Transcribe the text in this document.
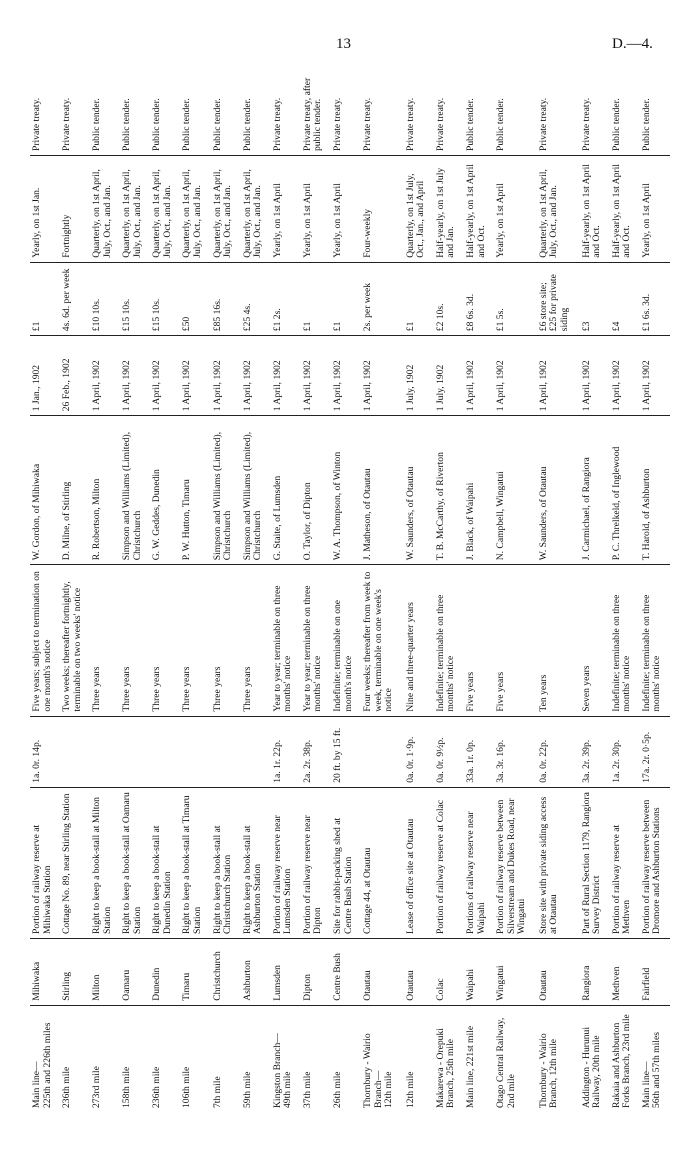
13	D.—4.
Main line—
225th and 226th miles	Mihiwaka	Portion of railway reserve at Mihiwaka Station	1a. 0r. 14p.	Five years; subject to termination on one month's notice	W. Gordon, of Mihiwaka	1 Jan., 1902	£1	Yearly, on 1st Jan.	Private treaty.
236th mile	Stirling	Cottage No. 89, near Stirling Station		Two weeks; thereafter fortnightly, terminable on two weeks' notice	D. Milne, of Stirling	26 Feb., 1902	4s. 6d. per week	Fortnightly	Private treaty.
273rd mile	Milton	Right to keep a book-stall at Milton Station		Three years	R. Robertson, Milton	1 April, 1902	£10 10s.	Quarterly, on 1st April, July, Oct., and Jan.	Public tender.
158th mile	Oamaru	Right to keep a book-stall at Oamaru Station		Three years	Simpson and Williams (Limited), Christchurch	1 April, 1902	£15 10s.	Quarterly, on 1st April, July, Oct., and Jan.	Public tender.
236th mile	Dunedin	Right to keep a book-stall at Dunedin Station		Three years	G. W. Geddes, Dunedin	1 April, 1902	£15 10s.	Quarterly, on 1st April, July, Oct., and Jan.	Public tender.
106th mile	Timaru	Right to keep a book-stall at Timaru Station		Three years	P. W. Hutton, Timaru	1 April, 1902	£50	Quarterly, on 1st April, July, Oct., and Jan.	Public tender.
7th mile	Christchurch	Right to keep a book-stall at Christchurch Station		Three years	Simpson and Williams (Limited), Christchurch	1 April, 1902	£85 16s.	Quarterly, on 1st April, July, Oct., and Jan.	Public tender.
59th mile	Ashburton	Right to keep a book-stall at Ashburton Station		Three years	Simpson and Williams (Limited), Christchurch	1 April, 1902	£25 4s.	Quarterly, on 1st April, July, Oct., and Jan.	Public tender.
Kingston Branch—
49th mile	Lumsden	Portion of railway reserve near Lumsden Station	1a. 1r. 22p.	Year to year; terminable on three months' notice	G. Staite, of Lumsden	1 April, 1902	£1 2s.	Yearly, on 1st April	Private treaty.
37th mile	Dipton	Portion of railway reserve near Dipton	2a. 2r. 38p.	Year to year; terminable on three months' notice	O. Taylor, of Dipton	1 April, 1902	£1	Yearly, on 1st April	Private treaty, after public tender.
26th mile	Centre Bush	Site for rabbit-packing shed at Centre Bush Station	20 ft. by 15 ft.	Indefinite; terminable on one month's notice	W. A. Thompson, of Winton	1 April, 1902	£1	Yearly, on 1st April	Private treaty.
Thornbury - Wairio Branch—
12th mile	Otautau	Cottage 44, at Otautau		Four weeks; thereafter from week to week, terminable on one week's notice	J. Matheson, of Otautau	1 April, 1902	2s. per week	Four-weekly	Private treaty.
12th mile	Otautau	Lease of office site at Otautau	0a. 0r. 1·9p.	Nine and three-quarter years	W. Saunders, of Otautau	1 July, 1902	£1	Quarterly, on 1st July, Oct., Jan., and April	Private treaty.
Makarewa - Orepuki Branch, 25th mile	Colac	Portion of railway reserve at Colac	0a. 0r. 9½p.	Indefinite; terminable on three months' notice	T. B. McCarthy, of Riverton	1 July, 1902	£2 10s.	Half-yearly, on 1st July and Jan.	Private treaty.
Main line, 221st mile	Waipahi	Portions of railway reserve near Waipahi	33a. 1r. 0p.	Five years	J. Black, of Waipahi	1 April, 1902	£8 6s. 3d.	Half-yearly, on 1st April and Oct.	Public tender.
Otago Central Railway, 2nd mile	Wingatui	Portion of railway reserve between Silverstream and Dukes Road, near Wingatui	3a. 3r. 16p.	Five years	N. Campbell, Wingatui	1 April, 1902	£1 5s.	Yearly, on 1st April	Public tender.
Thornbury - Wairio Branch, 12th mile	Otautau	Store site with private siding access at Otautau	0a. 0r. 22p.	Ten years	W. Saunders, of Otautau	1 April, 1902	£6 store site; £25 for private siding	Quarterly, on 1st April, July, Oct., and Jan.	Private treaty.
Addington - Hurunui Railway, 20th mile	Rangiora	Part of Rural Section 1179, Rangiora Survey District	3a. 2r. 39p.	Seven years	J. Carmichael, of Rangiora	1 April, 1902	£3	Half-yearly, on 1st April and Oct.	Private treaty.
Rakaia and Ashburton Forks Branch, 23rd mile	Methven	Portion of railway reserve at Methven	1a. 2r. 30p.	Indefinite; terminable on three months' notice	P. C. Threlkeld, of Inglewood	1 April, 1902	£4	Half-yearly, on 1st April and Oct.	Public tender.
Main line—
56th and 57th miles	Fairfield	Portion of railway reserve between Dromore and Ashburton Stations	17a. 2r. 0·5p.	Indefinite; terminable on three months' notice	T. Harold, of Ashburton	1 April, 1902	£1 6s. 3d.	Yearly, on 1st April	Public tender.
